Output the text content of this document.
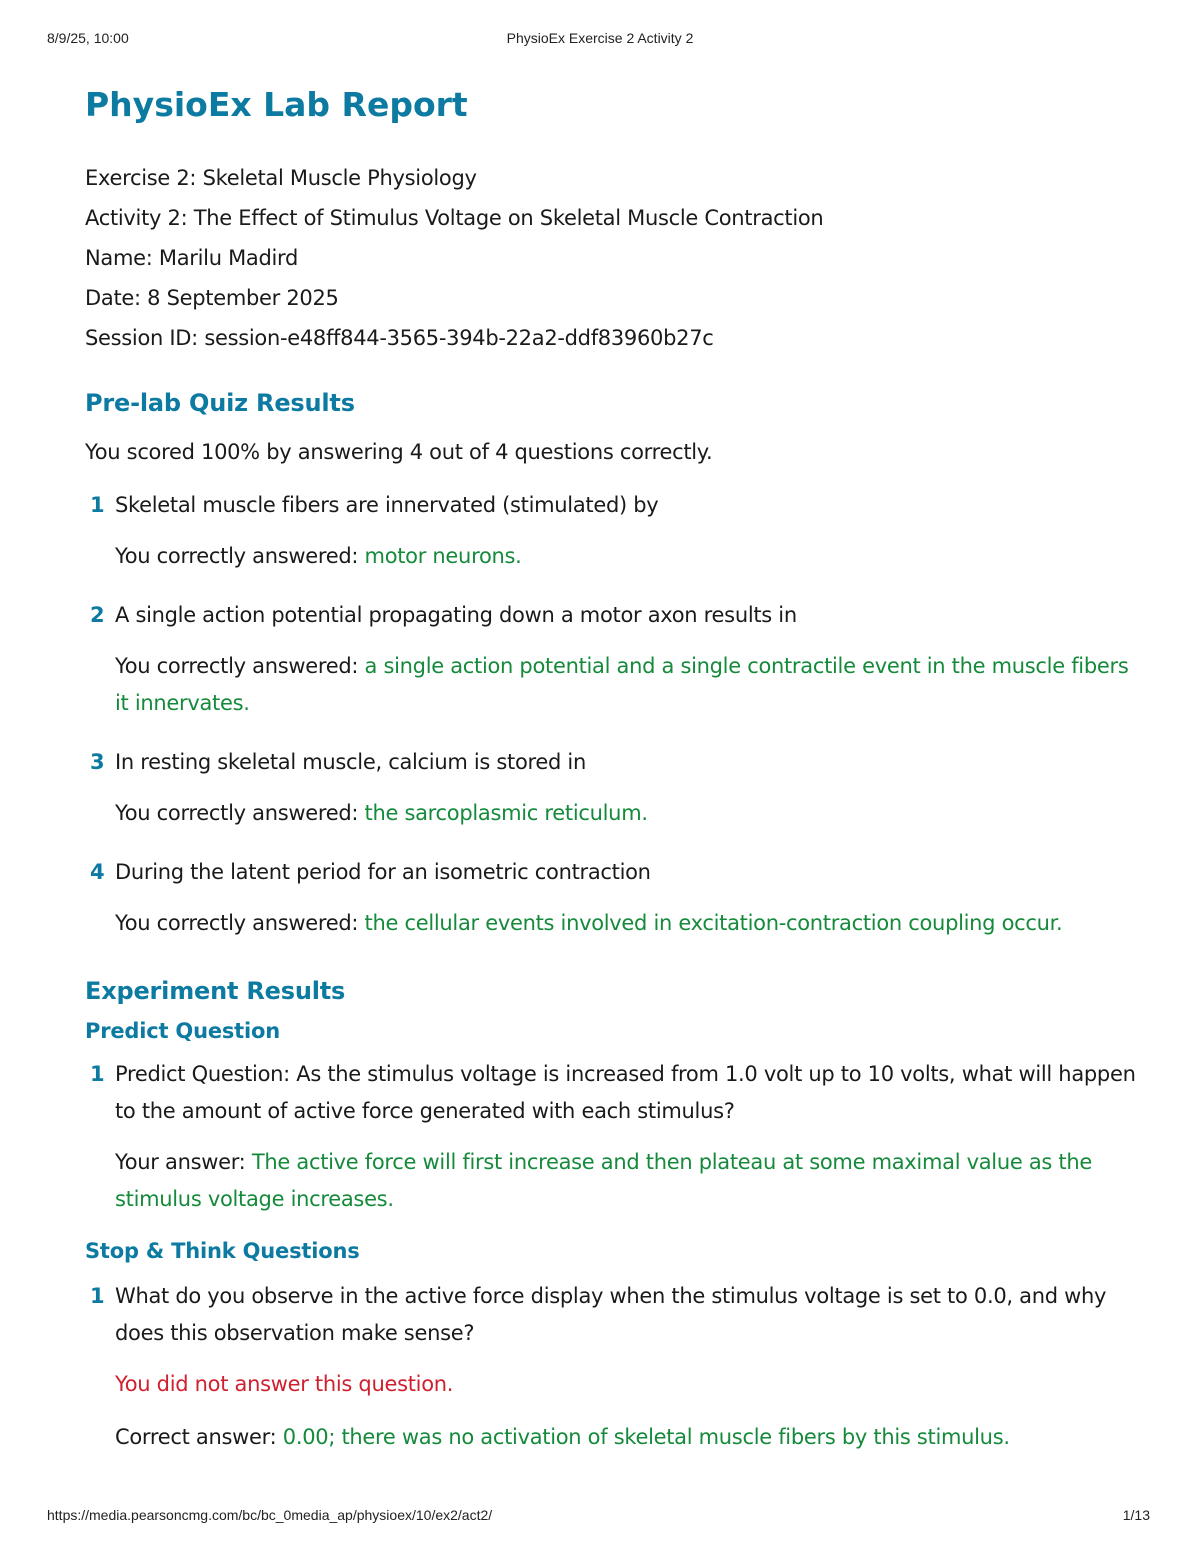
8/9/25, 10:00	PhysioEx Exercise 2 Activity 2
PhysioEx Lab Report
Exercise 2: Skeletal Muscle Physiology
Activity 2: The Effect of Stimulus Voltage on Skeletal Muscle Contraction
Name: Marilu Madird
Date: 8 September 2025
Session ID: session-e48ff844-3565-394b-22a2-ddf83960b27c
Pre-lab Quiz Results
You scored 100% by answering 4 out of 4 questions correctly.
1 Skeletal muscle fibers are innervated (stimulated) by
You correctly answered: motor neurons.
2 A single action potential propagating down a motor axon results in
You correctly answered: a single action potential and a single contractile event in the muscle fibers it innervates.
3 In resting skeletal muscle, calcium is stored in
You correctly answered: the sarcoplasmic reticulum.
4 During the latent period for an isometric contraction
You correctly answered: the cellular events involved in excitation-contraction coupling occur.
Experiment Results
Predict Question
1 Predict Question: As the stimulus voltage is increased from 1.0 volt up to 10 volts, what will happen to the amount of active force generated with each stimulus?
Your answer: The active force will first increase and then plateau at some maximal value as the stimulus voltage increases.
Stop & Think Questions
1 What do you observe in the active force display when the stimulus voltage is set to 0.0, and why does this observation make sense?
You did not answer this question.
Correct answer: 0.00; there was no activation of skeletal muscle fibers by this stimulus.
https://media.pearsoncmg.com/bc/bc_0media_ap/physioex/10/ex2/act2/	1/13
